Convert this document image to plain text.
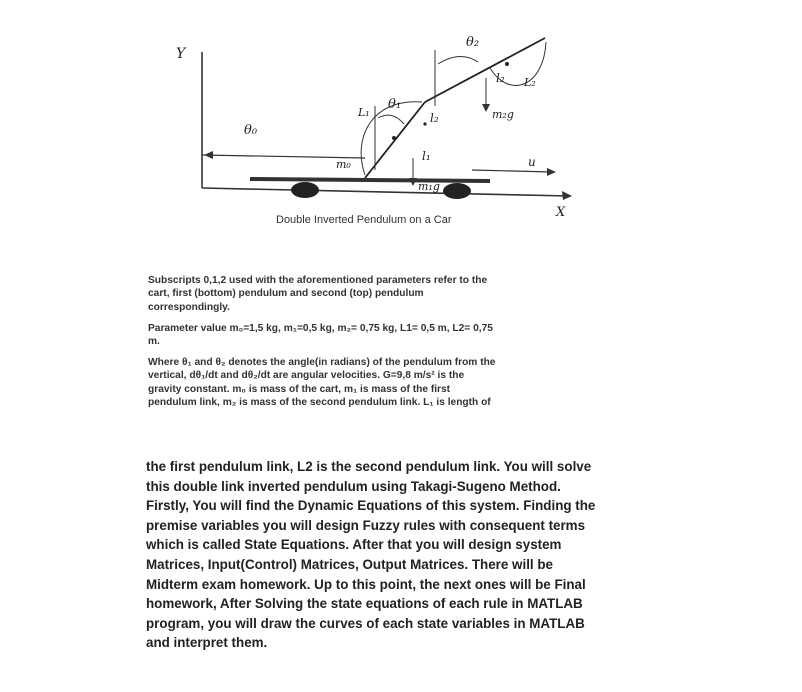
Y
X
θ₀
θ₁
θ₂
L₁
L₂
l₁
l₂
l₂
m₀
m₁g
m₂g
u
Double Inverted Pendulum on a Car
Subscripts 0,1,2 used with the aforementioned parameters refer to the
cart, first (bottom) pendulum and second (top) pendulum
correspondingly.
Parameter value m₀=1,5 kg, m₁=0,5 kg, m₂= 0,75 kg, L1= 0,5 m, L2= 0,75
m.
Where θ₁ and θ₂ denotes the angle(in radians) of the pendulum from the
vertical, dθ₁/dt and dθ₂/dt are angular velocities. G=9,8 m/s² is the
gravity constant. m₀ is mass of the cart, m₁ is mass of the first
pendulum link, m₂ is mass of the second pendulum link. L₁ is length of
the first pendulum link, L2 is the second pendulum link. You will solve
this double link inverted pendulum using Takagi-Sugeno Method.
Firstly, You will find the Dynamic Equations of this system. Finding the
premise variables you will design Fuzzy rules with consequent terms
which is called State Equations. After that you will design system
Matrices, Input(Control) Matrices, Output Matrices. There will be
Midterm exam homework. Up to this point, the next ones will be Final
homework, After Solving the state equations of each rule in MATLAB
program, you will draw the curves of each state variables in MATLAB
and interpret them.
